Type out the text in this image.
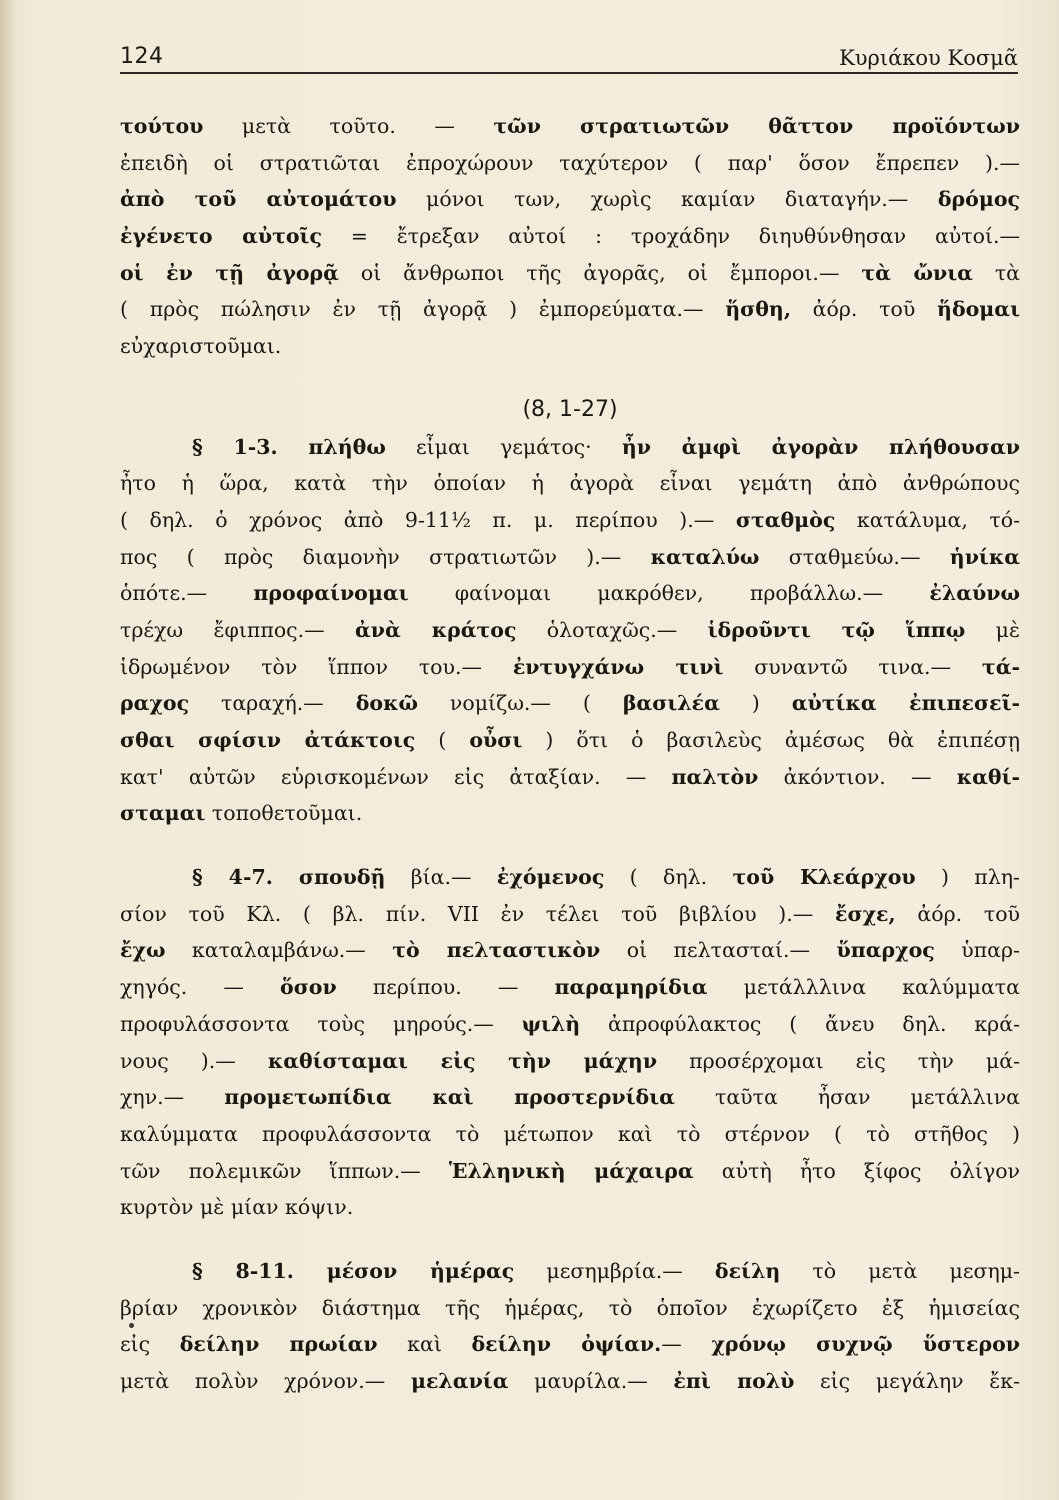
124	Κυριάκου Κοσμᾶ
τούτου μετὰ τοῦτο. — τῶν στρατιωτῶν θᾶττον προϊόντων
ἐπειδὴ οἱ στρατιῶται ἐπροχώρουν ταχύτερον ( παρ' ὅσον ἔπρεπεν ).—
ἀπὸ τοῦ αὐτομάτου μόνοι των, χωρὶς καμίαν διαταγήν.— δρόμος
ἐγένετο αὐτοῖς = ἔτρεξαν αὐτοί : τροχάδην διηυθύνθησαν αὐτοί.—
οἱ ἐν τῇ ἀγορᾷ οἱ ἄνθρωποι τῆς ἀγορᾶς, οἱ ἔμποροι.— τὰ ὤνια τὰ
( πρὸς πώλησιν ἐν τῇ ἀγορᾷ ) ἐμπορεύματα.— ἥσθη, ἀόρ. τοῦ ἥδομαι
εὐχαριστοῦμαι.
(8, 1-27)
§ 1-3. πλήθω εἶμαι γεμάτος· ἦν ἀμφὶ ἀγορὰν πλήθουσαν
ἦτο ἡ ὥρα, κατὰ τὴν ὁποίαν ἡ ἀγορὰ εἶναι γεμάτη ἀπὸ ἀνθρώπους
( δηλ. ὁ χρόνος ἀπὸ 9-11½ π. μ. περίπου ).— σταθμὸς κατάλυμα, τό-
πος ( πρὸς διαμονὴν στρατιωτῶν ).— καταλύω σταθμεύω.— ἡνίκα
ὁπότε.— προφαίνομαι φαίνομαι μακρόθεν, προβάλλω.— ἐλαύνω
τρέχω ἔφιππος.— ἀνὰ κράτος ὁλοταχῶς.— ἱδροῦντι τῷ ἵππῳ μὲ
ἱδρωμένον τὸν ἵππον του.— ἐντυγχάνω τινὶ συναντῶ τινα.— τά-
ραχος ταραχή.— δοκῶ νομίζω.— ( βασιλέα ) αὐτίκα ἐπιπεσεῖ-
σθαι σφίσιν ἀτάκτοις ( οὖσι ) ὅτι ὁ βασιλεὺς ἀμέσως θὰ ἐπιπέσῃ
κατ' αὐτῶν εὑρισκομένων εἰς ἀταξίαν. — παλτὸν ἀκόντιον. — καθί-
σταμαι τοποθετοῦμαι.
§ 4-7. σπουδῇ βία.— ἐχόμενος ( δηλ. τοῦ Κλεάρχου ) πλη-
σίον τοῦ Κλ. ( βλ. πίν. VII ἐν τέλει τοῦ βιβλίου ).— ἔσχε, ἀόρ. τοῦ
ἔχω καταλαμβάνω.— τὸ πελταστικὸν οἱ πελτασταί.— ὕπαρχος ὑπαρ-
χηγός. — ὅσον περίπου. — παραμηρίδια μετάλλλινα καλύμματα
προφυλάσσοντα τοὺς μηρούς.— ψιλὴ ἀπροφύλακτος ( ἄνευ δηλ. κρά-
νους ).— καθίσταμαι εἰς τὴν μάχην προσέρχομαι εἰς τὴν μά-
χην.— προμετωπίδια καὶ προστερνίδια ταῦτα ἦσαν μετάλλινα
καλύμματα προφυλάσσοντα τὸ μέτωπον καὶ τὸ στέρνον ( τὸ στῆθος )
τῶν πολεμικῶν ἵππων.— Ἑλληνικὴ μάχαιρα αὐτὴ ἦτο ξίφος ὀλίγον
κυρτὸν μὲ μίαν κόψιν.
§ 8-11. μέσον ἡμέρας μεσημβρία.— δείλη τὸ μετὰ μεσημ-
βρίαν χρονικὸν διάστημα τῆς ἡμέρας, τὸ ὁποῖον ἐχωρίζετο ἐξ ἡμισείας
εἰς δείλην πρωίαν καὶ δείλην ὀψίαν.— χρόνῳ συχνῷ ὕστερον
μετὰ πολὺν χρόνον.— μελανία μαυρίλα.— ἐπὶ πολὺ εἰς μεγάλην ἔκ-
